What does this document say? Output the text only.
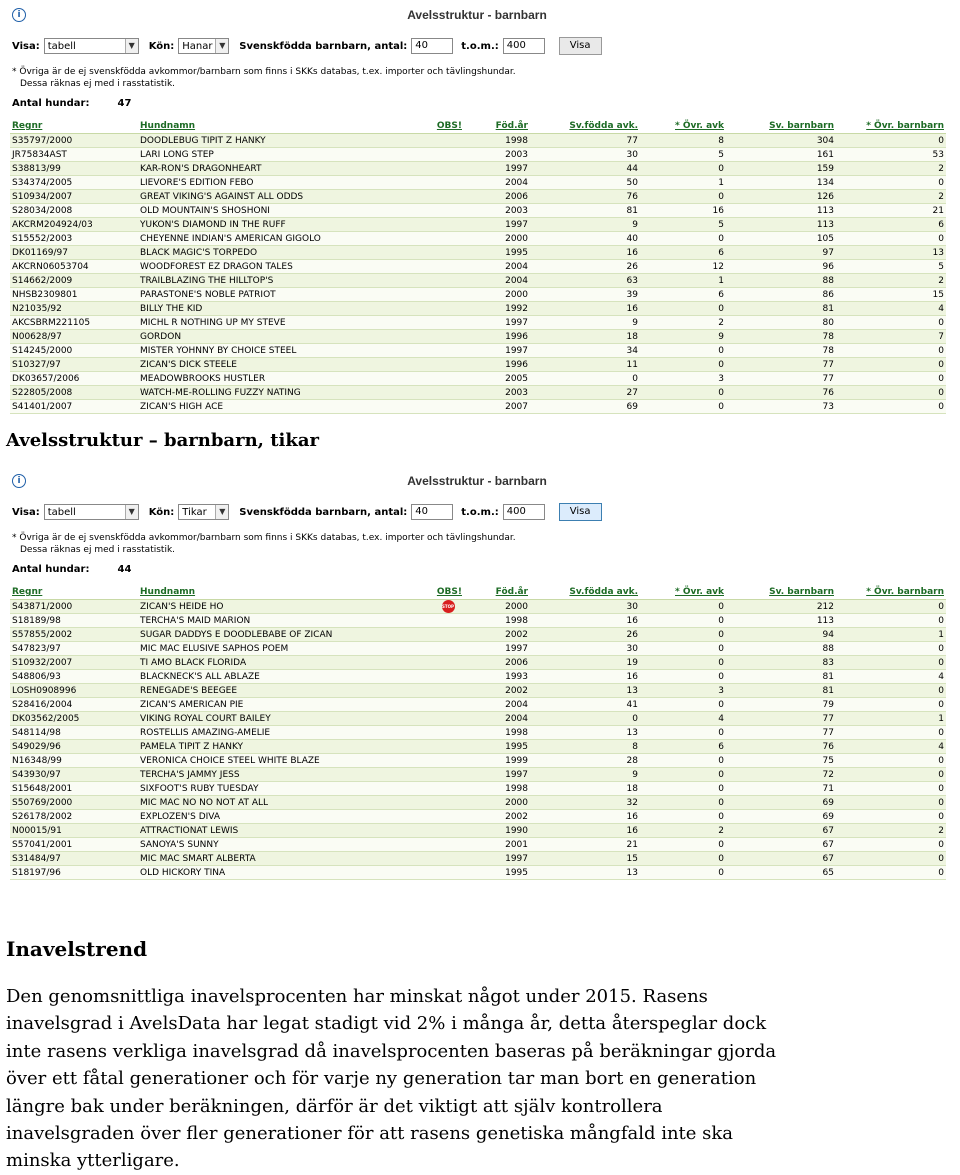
i	Avelsstruktur - barnbarn
Visa: tabell	▼ Kön: Hanar ▼ Svenskfödda barnbarn, antal: 40	t.o.m.: 400	Visa
* Övriga är de ej svenskfödda avkommor/barnbarn som finns i SKKs databas, t.ex. importer och tävlingshundar.
Dessa räknas ej med i rasstatistik.
Antal hundar:	47
Regnr	Hundnamn	OBS!	Föd.år	Sv.födda avk.	* Övr. avk	Sv. barnbarn	* Övr. barnbarn
S35797/2000	DOODLEBUG TIPIT Z HANKY		1998	77	8	304	0
JR75834AST	LARI LONG STEP		2003	30	5	161	53
S38813/99	KAR-RON'S DRAGONHEART		1997	44	0	159	2
S34374/2005	LIEVORE'S EDITION FEBO		2004	50	1	134	0
S10934/2007	GREAT VIKING'S AGAINST ALL ODDS		2006	76	0	126	2
S28034/2008	OLD MOUNTAIN'S SHOSHONI		2003	81	16	113	21
AKCRM204924/03	YUKON'S DIAMOND IN THE RUFF		1997	9	5	113	6
S15552/2003	CHEYENNE INDIAN'S AMERICAN GIGOLO		2000	40	0	105	0
DK01169/97	BLACK MAGIC'S TORPEDO		1995	16	6	97	13
AKCRN06053704	WOODFOREST EZ DRAGON TALES		2004	26	12	96	5
S14662/2009	TRAILBLAZING THE HILLTOP'S		2004	63	1	88	2
NHSB2309801	PARASTONE'S NOBLE PATRIOT		2000	39	6	86	15
N21035/92	BILLY THE KID		1992	16	0	81	4
AKCSBRM221105	MICHL R NOTHING UP MY STEVE		1997	9	2	80	0
N00628/97	GORDON		1996	18	9	78	7
S14245/2000	MISTER YOHNNY BY CHOICE STEEL		1997	34	0	78	0
S10327/97	ZICAN'S DICK STEELE		1996	11	0	77	0
DK03657/2006	MEADOWBROOKS HUSTLER		2005	0	3	77	0
S22805/2008	WATCH-ME-ROLLING FUZZY NATING		2003	27	0	76	0
S41401/2007	ZICAN'S HIGH ACE		2007	69	0	73	0
Avelsstruktur – barnbarn, tikar
i	Avelsstruktur - barnbarn
Visa: tabell	▼ Kön: Tikar	▼ Svenskfödda barnbarn, antal: 40	t.o.m.: 400	Visa
* Övriga är de ej svenskfödda avkommor/barnbarn som finns i SKKs databas, t.ex. importer och tävlingshundar.
Dessa räknas ej med i rasstatistik.
Antal hundar:	44
Regnr	Hundnamn	OBS!	Föd.år	Sv.födda avk.	* Övr. avk	Sv. barnbarn	* Övr. barnbarn
S43871/2000	ZICAN'S HEIDE HO	STOP	2000	30	0	212	0
S18189/98	TERCHA'S MAID MARION		1998	16	0	113	0
S57855/2002	SUGAR DADDYS E DOODLEBABE OF ZICAN		2002	26	0	94	1
S47823/97	MIC MAC ELUSIVE SAPHOS POEM		1997	30	0	88	0
S10932/2007	TI AMO BLACK FLORIDA		2006	19	0	83	0
S48806/93	BLACKNECK'S ALL ABLAZE		1993	16	0	81	4
LOSH0908996	RENEGADE'S BEEGEE		2002	13	3	81	0
S28416/2004	ZICAN'S AMERICAN PIE		2004	41	0	79	0
DK03562/2005	VIKING ROYAL COURT BAILEY		2004	0	4	77	1
S48114/98	ROSTELLIS AMAZING-AMELIE		1998	13	0	77	0
S49029/96	PAMELA TIPIT Z HANKY		1995	8	6	76	4
N16348/99	VERONICA CHOICE STEEL WHITE BLAZE		1999	28	0	75	0
S43930/97	TERCHA'S JAMMY JESS		1997	9	0	72	0
S15648/2001	SIXFOOT'S RUBY TUESDAY		1998	18	0	71	0
S50769/2000	MIC MAC NO NO NOT AT ALL		2000	32	0	69	0
S26178/2002	EXPLOZEN'S DIVA		2002	16	0	69	0
N00015/91	ATTRACTIONAT LEWIS		1990	16	2	67	2
S57041/2001	SANOYA'S SUNNY		2001	21	0	67	0
S31484/97	MIC MAC SMART ALBERTA		1997	15	0	67	0
S18197/96	OLD HICKORY TINA		1995	13	0	65	0
Inavelstrend
Den genomsnittliga inavelsprocenten har minskat något under 2015. Rasens
inavelsgrad i AvelsData har legat stadigt vid 2% i många år, detta återspeglar dock
inte rasens verkliga inavelsgrad då inavelsprocenten baseras på beräkningar gjorda
över ett fåtal generationer och för varje ny generation tar man bort en generation
längre bak under beräkningen, därför är det viktigt att själv kontrollera
inavelsgraden över fler generationer för att rasens genetiska mångfald inte ska
minska ytterligare.
